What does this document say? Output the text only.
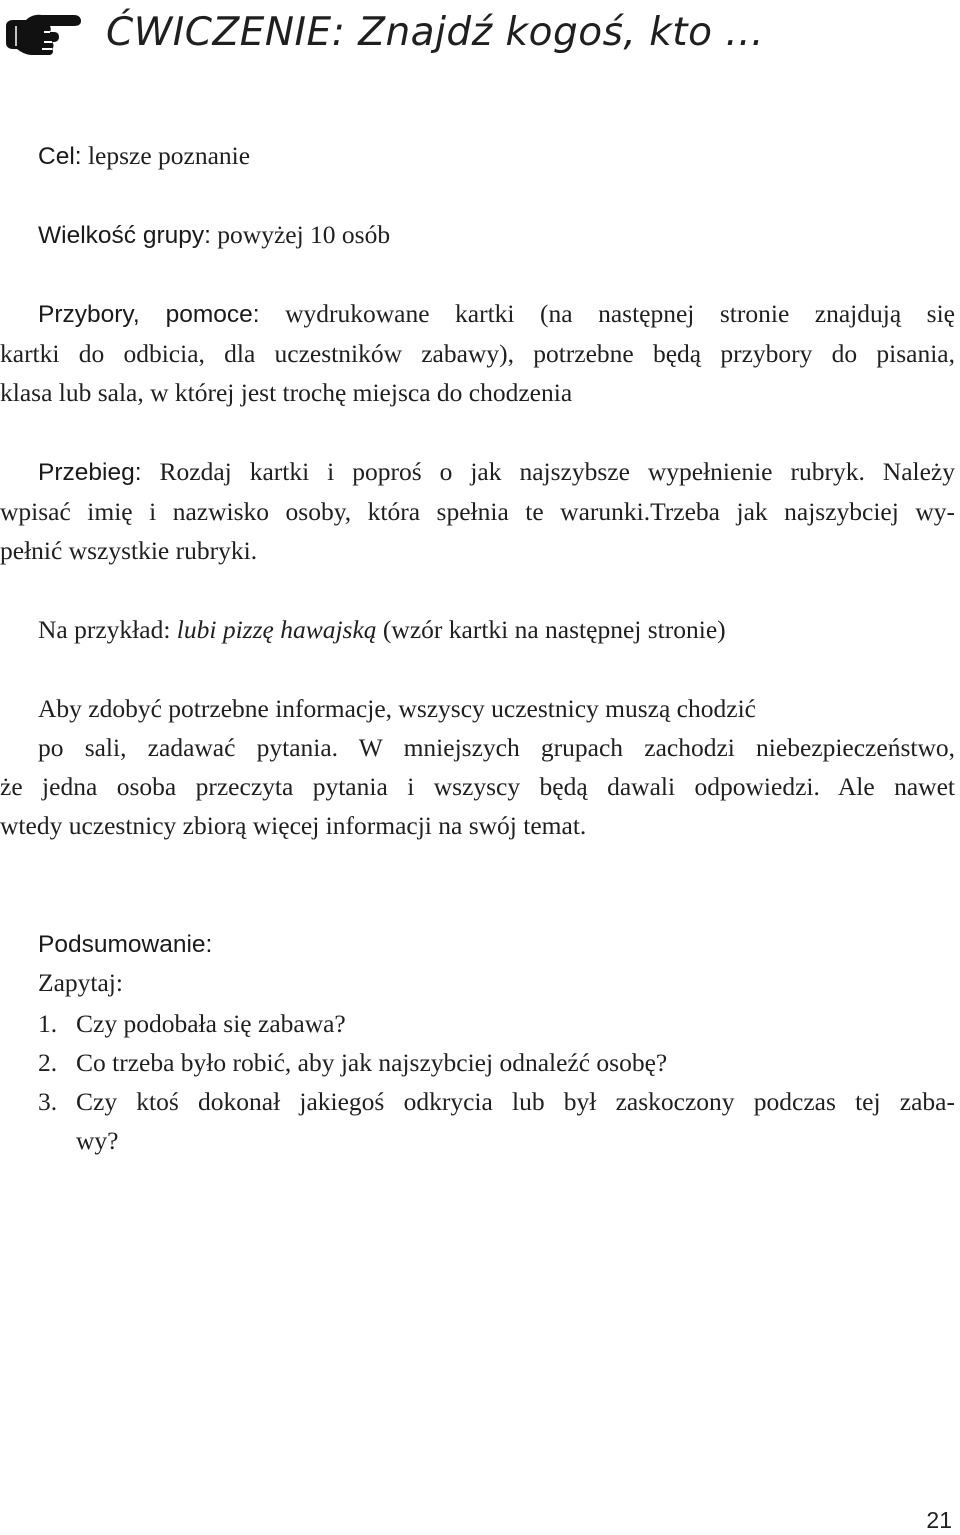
ĆWICZENIE: Znajdź kogoś, kto ...

Cel: lepsze poznanie

Wielkość grupy: powyżej 10 osób

Przybory, pomoce: wydrukowane kartki (na następnej stronie znajdują się
kartki do odbicia, dla uczestników zabawy), potrzebne będą przybory do pisania,
klasa lub sala, w której jest trochę miejsca do chodzenia
Przebieg: Rozdaj kartki i poproś o jak najszybsze wypełnienie rubryk. Należy
wpisać imię i nazwisko osoby, która spełnia te warunki.Trzeba jak najszybciej wy-
pełnić wszystkie rubryki.

Na przykład: lubi pizzę hawajską (wzór kartki na następnej stronie)

Aby zdobyć potrzebne informacje, wszyscy uczestnicy muszą chodzić
po sali, zadawać pytania. W mniejszych grupach zachodzi niebezpieczeństwo,
że jedna osoba przeczyta pytania i wszyscy będą dawali odpowiedzi. Ale nawet
wtedy uczestnicy zbiorą więcej informacji na swój temat.

Podsumowanie:

Zapytaj:

1. Czy podobała się zabawa?
2. Co trzeba było robić, aby jak najszybciej odnaleźć osobę?
3. Czy ktoś dokonał jakiegoś odkrycia lub był zaskoczony podczas tej zaba-
wy?
21
